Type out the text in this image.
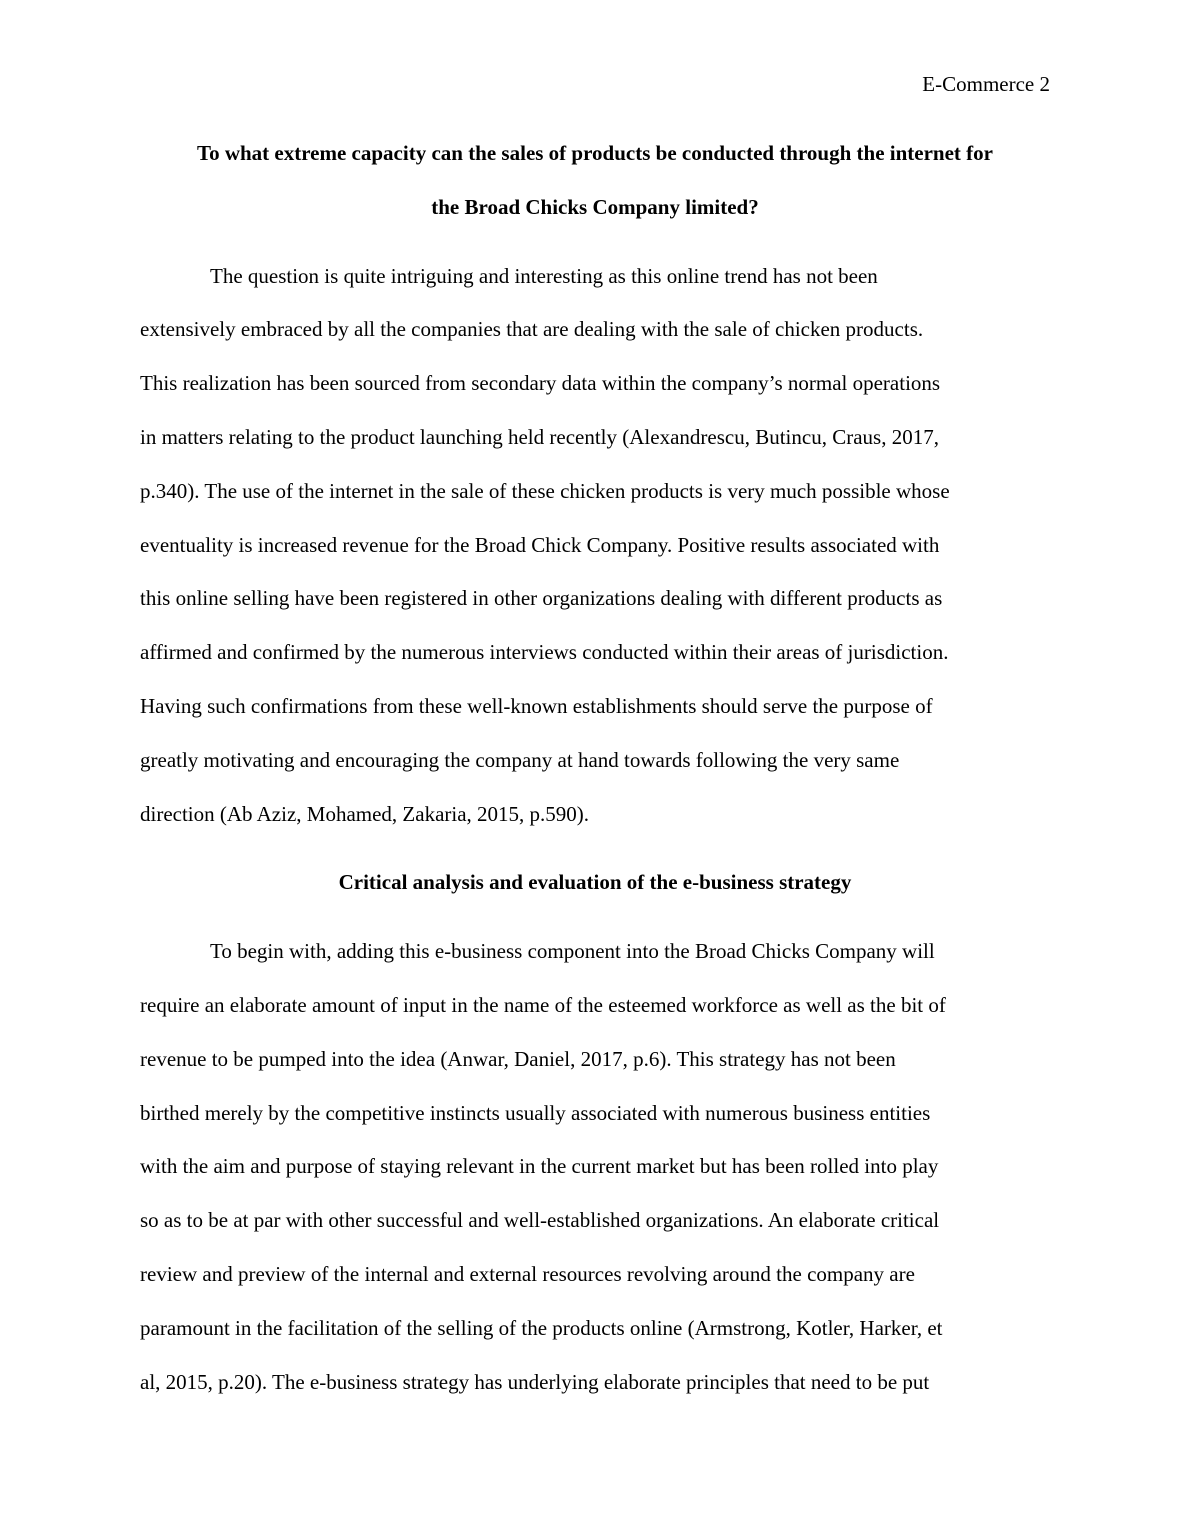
E-Commerce 2
To what extreme capacity can the sales of products be conducted through the internet for
the Broad Chicks Company limited?
The question is quite intriguing and interesting as this online trend has not been
extensively embraced by all the companies that are dealing with the sale of chicken products.
This realization has been sourced from secondary data within the company’s normal operations
in matters relating to the product launching held recently (Alexandrescu, Butincu, Craus, 2017,
p.340). The use of the internet in the sale of these chicken products is very much possible whose
eventuality is increased revenue for the Broad Chick Company. Positive results associated with
this online selling have been registered in other organizations dealing with different products as
affirmed and confirmed by the numerous interviews conducted within their areas of jurisdiction.
Having such confirmations from these well-known establishments should serve the purpose of
greatly motivating and encouraging the company at hand towards following the very same
direction (Ab Aziz, Mohamed, Zakaria, 2015, p.590).
Critical analysis and evaluation of the e-business strategy
To begin with, adding this e-business component into the Broad Chicks Company will
require an elaborate amount of input in the name of the esteemed workforce as well as the bit of
revenue to be pumped into the idea (Anwar, Daniel, 2017, p.6). This strategy has not been
birthed merely by the competitive instincts usually associated with numerous business entities
with the aim and purpose of staying relevant in the current market but has been rolled into play
so as to be at par with other successful and well-established organizations. An elaborate critical
review and preview of the internal and external resources revolving around the company are
paramount in the facilitation of the selling of the products online (Armstrong, Kotler, Harker, et
al, 2015, p.20). The e-business strategy has underlying elaborate principles that need to be put
